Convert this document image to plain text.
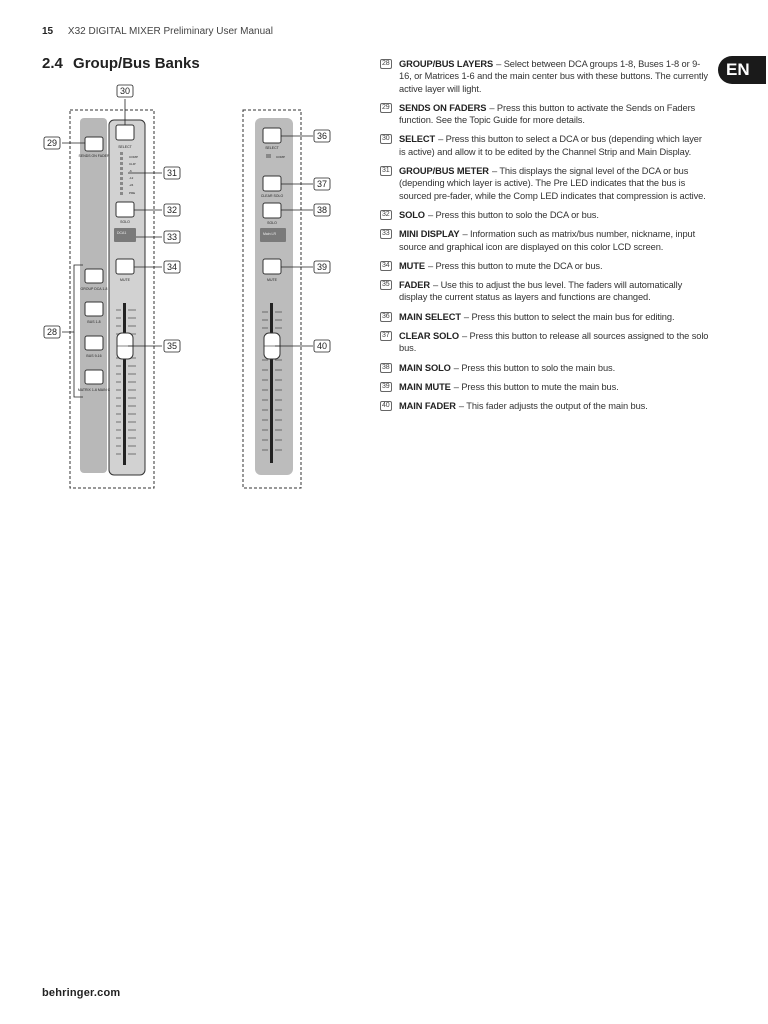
15 X32 DIGITAL MIXER Preliminary User Manual
2.4 Group/Bus Banks	EN
SENDS ON FADER
GROUP DCA 1-8
BUS 1-8
BUS 9-16
MATRIX 1-6 MAIN C
SELECT
COMP
CLIP
-6
-12
-24
PRE
SOLO
DCA1
MUTE
SELECT
COMP
CLEAR SOLO
SOLO
Main LR
MUTE
30
29
31
32
33
34
28
35
36
37
38
39
40
28 GROUP/BUS LAYERS – Select between DCA groups 1-8, Buses 1-8 or 9-16, or Matrices 1-6 and the main center bus with these buttons. The currently active layer will light.
29 SENDS ON FADERS – Press this button to activate the Sends on Faders function. See the Topic Guide for more details.
30 SELECT – Press this button to select a DCA or bus (depending which layer is active) and allow it to be edited by the Channel Strip and Main Display.
31 GROUP/BUS METER – This displays the signal level of the DCA or bus (depending which layer is active). The Pre LED indicates that the bus is sourced pre-fader, while the Comp LED indicates that compression is active.
32 SOLO – Press this button to solo the DCA or bus.
33 MINI DISPLAY – Information such as matrix/bus number, nickname, input source and graphical icon are displayed on this color LCD screen.
34 MUTE – Press this button to mute the DCA or bus.
35 FADER – Use this to adjust the bus level. The faders will automatically display the current status as layers and functions are changed.
36 MAIN SELECT – Press this button to select the main bus for editing.
37 CLEAR SOLO – Press this button to release all sources assigned to the solo bus.
38 MAIN SOLO – Press this button to solo the main bus.
39 MAIN MUTE – Press this button to mute the main bus.
40 MAIN FADER – This fader adjusts the output of the main bus.
behringer.com
